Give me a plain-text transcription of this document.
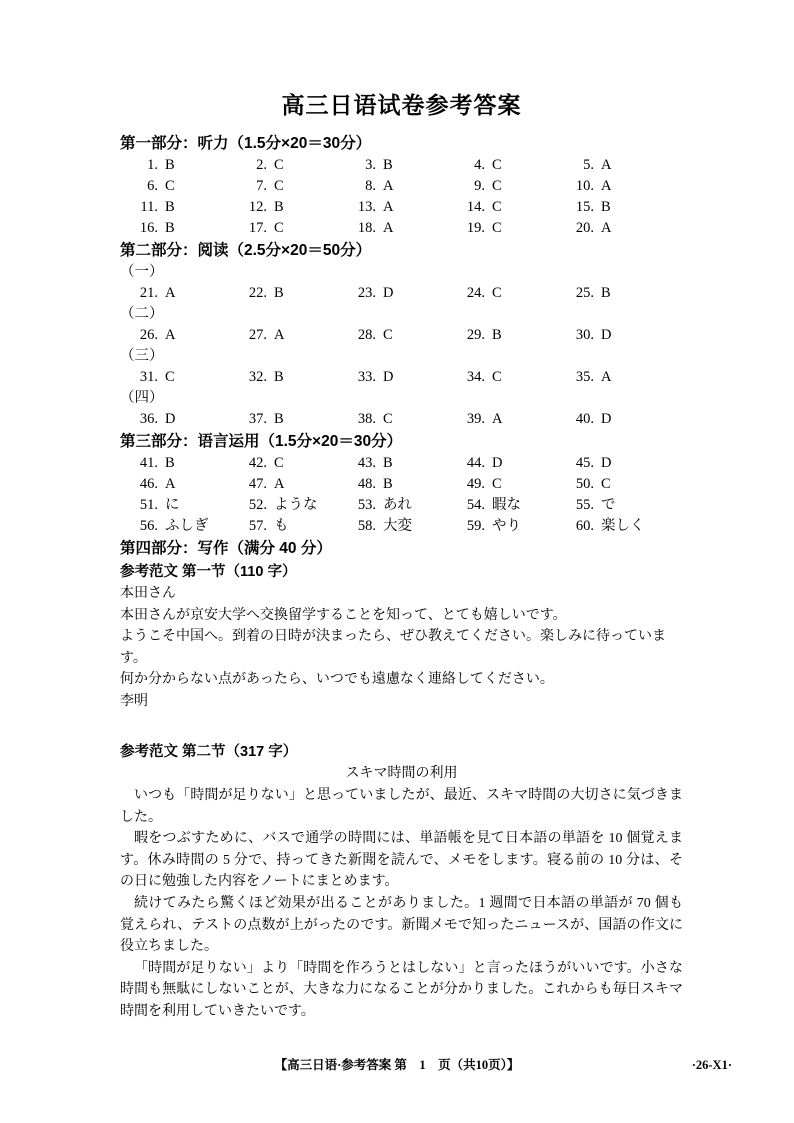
高三日语试卷参考答案
第一部分：听力（1.5分×20＝30分）
1. B	2. C	3. B	4. C	5. A
6. C	7. C	8. A	9. C	10. A
11. B	12. B	13. A	14. C	15. B
16. B	17. C	18. A	19. C	20. A
第二部分：阅读（2.5分×20＝50分）
（一）
21. A	22. B	23. D	24. C	25. B
（二）
26. A	27. A	28. C	29. B	30. D
（三）
31. C	32. B	33. D	34. C	35. A
（四）
36. D	37. B	38. C	39. A	40. D
第三部分：语言运用（1.5分×20＝30分）
41. B	42. C	43. B	44. D	45. D
46. A	47. A	48. B	49. C	50. C
51. に	52. ような	53. あれ	54. 暇な	55. で
56. ふしぎ	57. も	58. 大変	59. やり	60. 楽しく
第四部分：写作（满分 40 分）
参考范文 第一节（110 字）
本田さん
本田さんが京安大学へ交換留学することを知って、とても嬉しいです。
ようこそ中国へ。到着の日時が決まったら、ぜひ教えてください。楽しみに待っています。
何か分からない点があったら、いつでも遠慮なく連絡してください。
李明
参考范文 第二节（317 字）
スキマ時間の利用

いつも「時間が足りない」と思っていましたが、最近、スキマ時間の大切さに気づきました。

暇をつぶすために、バスで通学の時間には、単語帳を見て日本語の単語を 10 個覚えます。休み時間の 5 分で、持ってきた新聞を読んで、メモをします。寝る前の 10 分は、その日に勉強した内容をノートにまとめます。

続けてみたら驚くほど効果が出ることがありました。1 週間で日本語の単語が 70 個も覚えられ、テストの点数が上がったのです。新聞メモで知ったニュースが、国語の作文に役立ちました。

「時間が足りない」より「時間を作ろうとはしない」と言ったほうがいいです。小さな時間も無駄にしないことが、大きな力になることが分かりました。これからも毎日スキマ時間を利用していきたいです。

【高三日语·参考答案 第　1　页（共10页）】	·26-X1·
